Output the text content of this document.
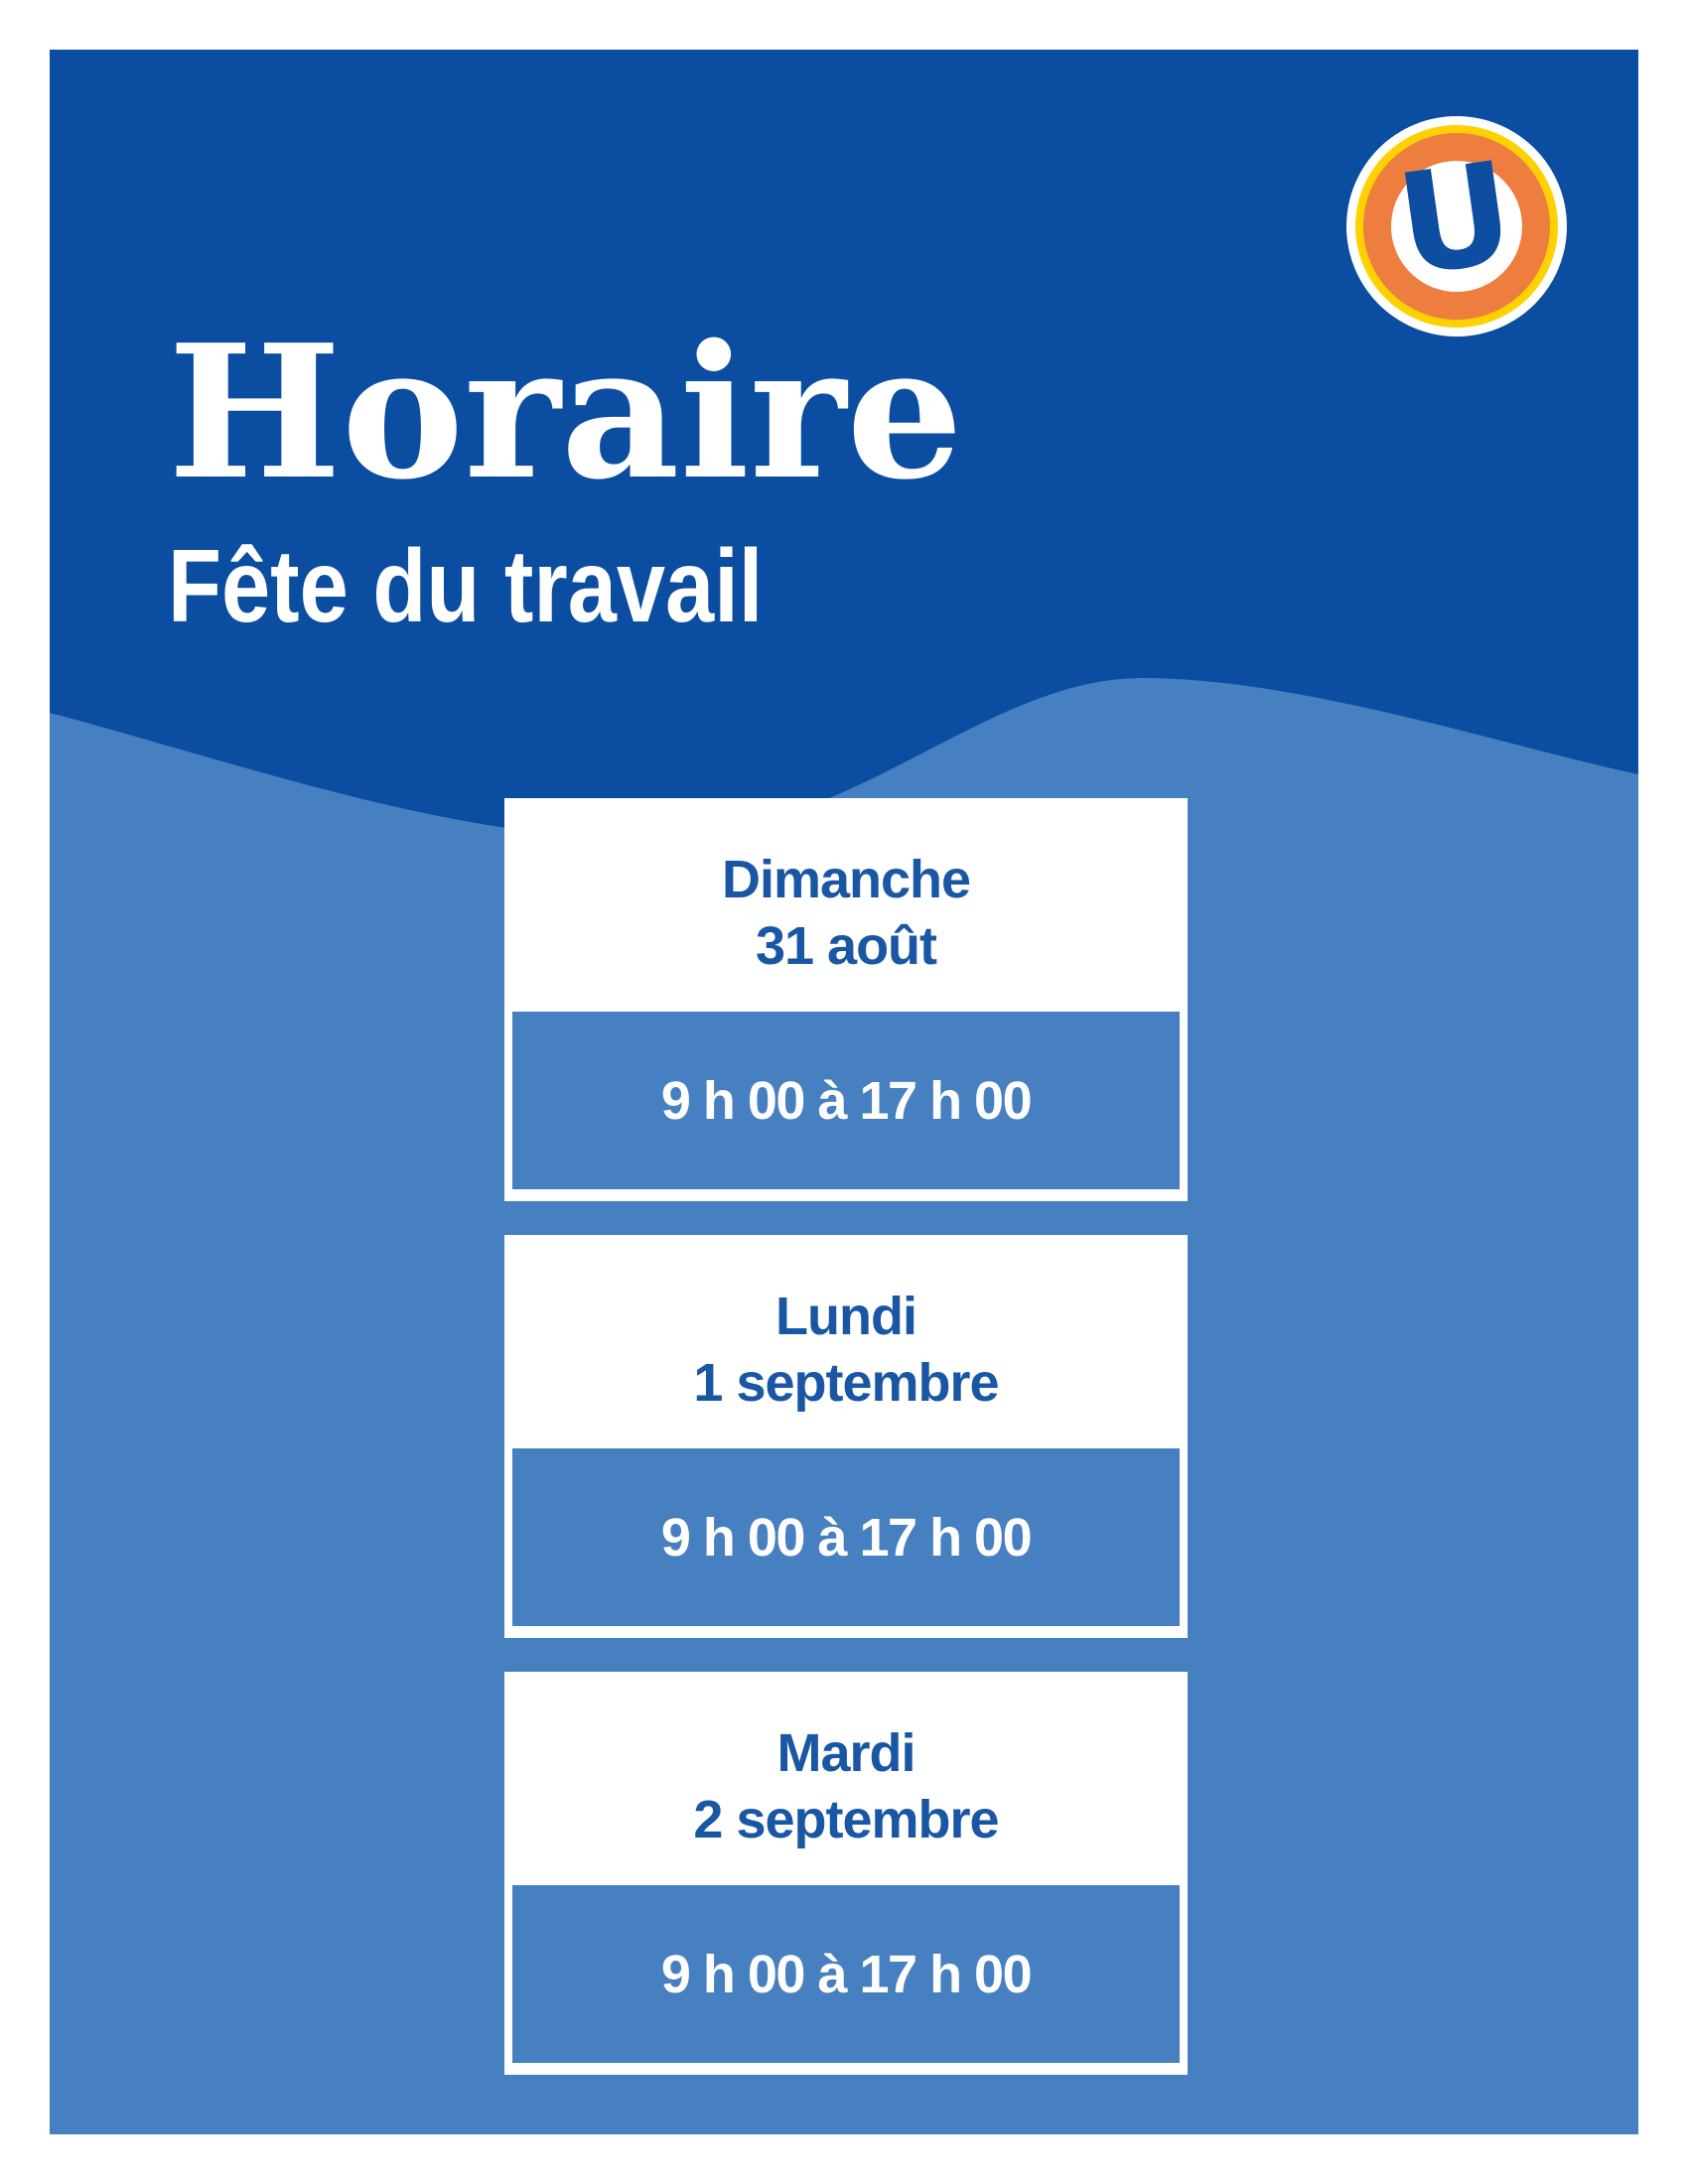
Horaire
Fête du travail
U
Dimanche
31 août
9 h 00 à 17 h 00
Lundi
1 septembre
9 h 00 à 17 h 00
Mardi
2 septembre
9 h 00 à 17 h 00
